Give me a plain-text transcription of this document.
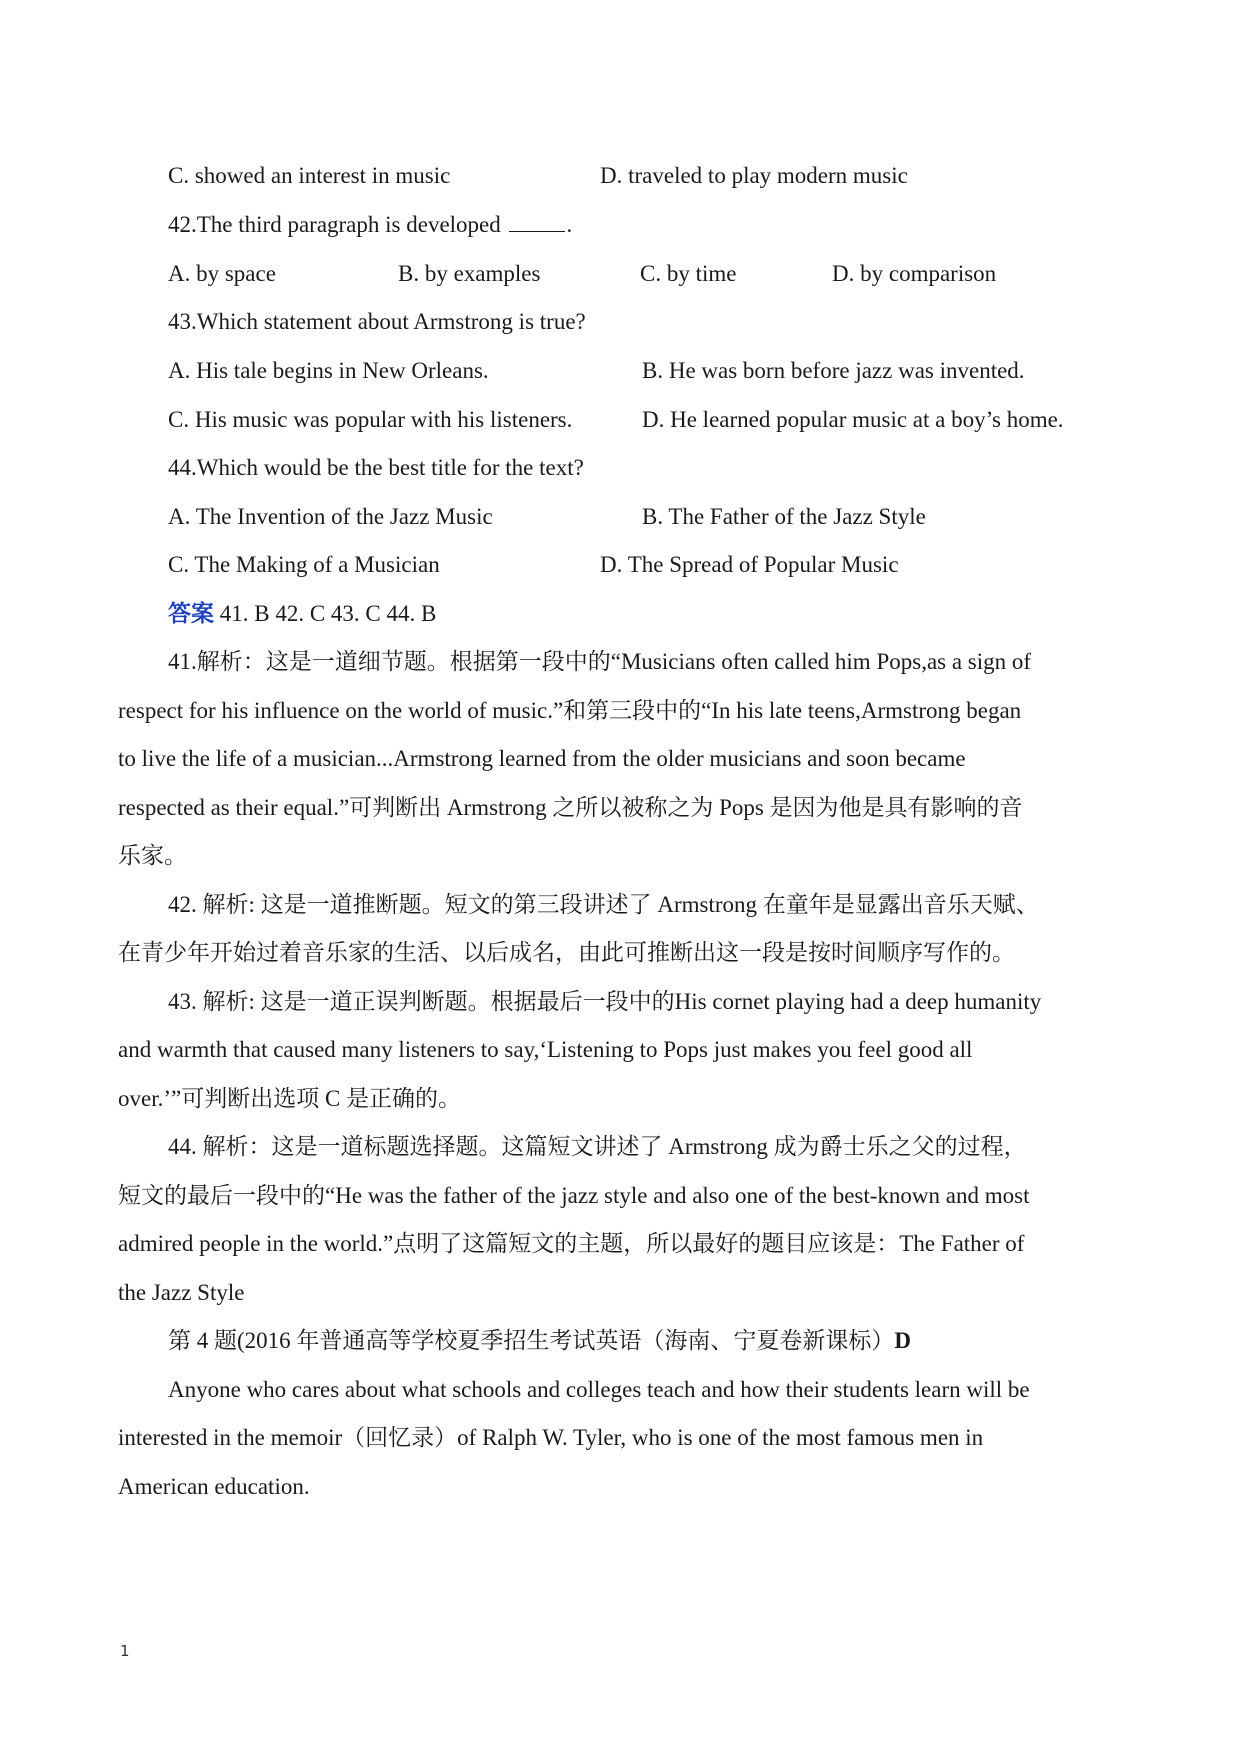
C. showed an interest in music	D. traveled to play modern music
42.The third paragraph is developed	.
A. by space	B. by examples	C. by time	D. by comparison
43.Which statement about Armstrong is true?
A. His tale begins in New Orleans.	B. He was born before jazz was invented.
C. His music was popular with his listeners.	D. He learned popular music at a boy’s home.
44.Which would be the best title for the text?
A. The Invention of the Jazz Music	B. The Father of the Jazz Style
C. The Making of a Musician	D. The Spread of Popular Music
答案 41. B 42. C 43. C 44. B
41.解析：这是一道细节题。根据第一段中的“Musicians often called him Pops,as a sign of
respect for his influence on the world of music.”和第三段中的“In his late teens,Armstrong began
to live the life of a musician...Armstrong learned from the older musicians and soon became
respected as their equal.”可判断出 Armstrong 之所以被称之为 Pops 是因为他是具有影响的音
乐家。
42. 解析: 这是一道推断题。短文的第三段讲述了 Armstrong 在童年是显露出音乐天赋、
在青少年开始过着音乐家的生活、以后成名，由此可推断出这一段是按时间顺序写作的。
43. 解析: 这是一道正误判断题。根据最后一段中的His cornet playing had a deep humanity
and warmth that caused many listeners to say,‘Listening to Pops just makes you feel good all
over.’”可判断出选项 C 是正确的。
44. 解析：这是一道标题选择题。这篇短文讲述了 Armstrong 成为爵士乐之父的过程，
短文的最后一段中的“He was the father of the jazz style and also one of the best-known and most
admired people in the world.”点明了这篇短文的主题，所以最好的题目应该是：The Father of
the Jazz Style
第 4 题(2016 年普通高等学校夏季招生考试英语（海南、宁夏卷新课标）D
Anyone who cares about what schools and colleges teach and how their students learn will be
interested in the memoir（回忆录）of Ralph W. Tyler, who is one of the most famous men in
American education.
1
